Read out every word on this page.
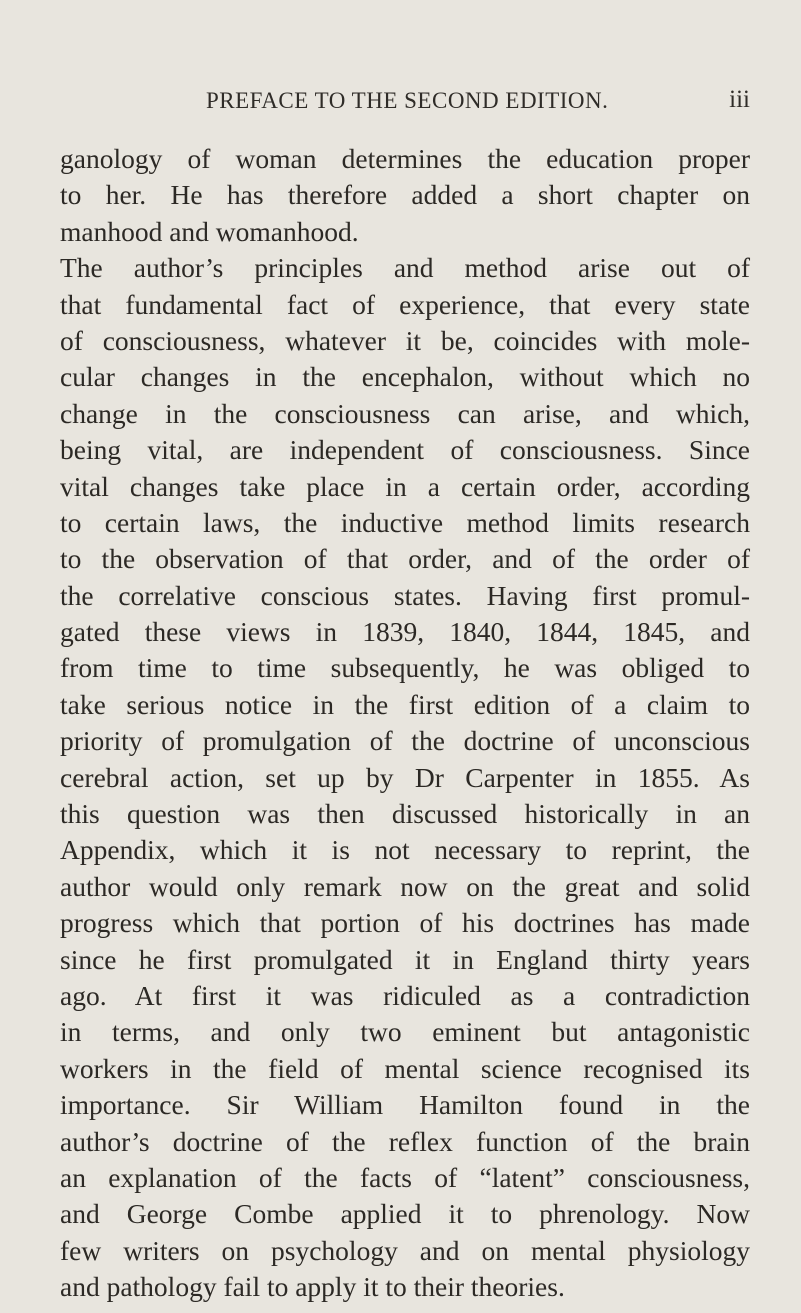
PREFACE TO THE SECOND EDITION.	iii
ganology of woman determines the education proper
to her. He has therefore added a short chapter on
manhood and womanhood.
The author’s principles and method arise out of
that fundamental fact of experience, that every state
of consciousness, whatever it be, coincides with mole-
cular changes in the encephalon, without which no
change in the consciousness can arise, and which,
being vital, are independent of consciousness. Since
vital changes take place in a certain order, according
to certain laws, the inductive method limits research
to the observation of that order, and of the order of
the correlative conscious states. Having first promul-
gated these views in 1839, 1840, 1844, 1845, and
from time to time subsequently, he was obliged to
take serious notice in the first edition of a claim to
priority of promulgation of the doctrine of unconscious
cerebral action, set up by Dr Carpenter in 1855. As
this question was then discussed historically in an
Appendix, which it is not necessary to reprint, the
author would only remark now on the great and solid
progress which that portion of his doctrines has made
since he first promulgated it in England thirty years
ago. At first it was ridiculed as a contradiction
in terms, and only two eminent but antagonistic
workers in the field of mental science recognised its
importance. Sir William Hamilton found in the
author’s doctrine of the reflex function of the brain
an explanation of the facts of “latent” consciousness,
and George Combe applied it to phrenology. Now
few writers on psychology and on mental physiology
and pathology fail to apply it to their theories.
